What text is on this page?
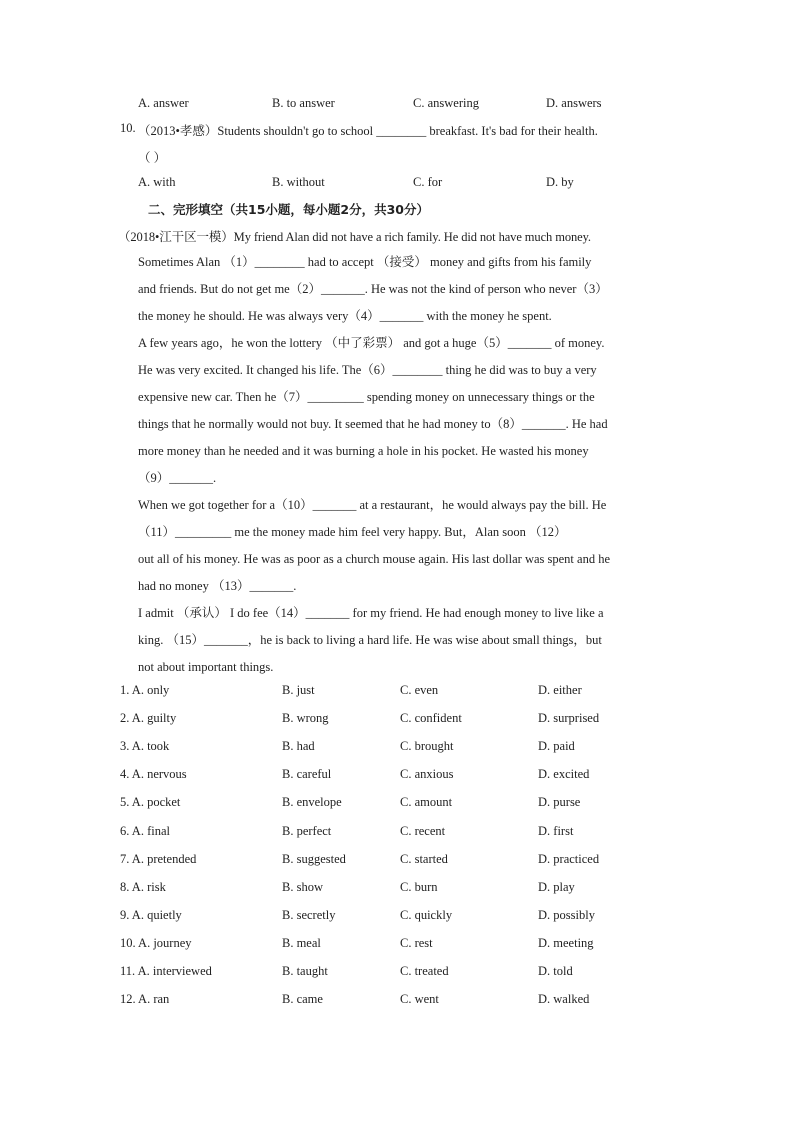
A. answer	B. to answer	C. answering	D. answers
10. （2013•孝感）Students shouldn't go to school ________ breakfast. It's bad for their health.
（ ）
A. with	B. without	C. for	D. by
二、完形填空（共15小题，每小题2分，共30分）
（2018•江干区一模）My friend Alan did not have a rich family. He did not have much money.
Sometimes Alan （1）________ had to accept （接受） money and gifts from his family
and friends. But do not get me（2）_______. He was not the kind of person who never（3）
the money he should. He was always very（4）_______ with the money he spent.
A few years ago，he won the lottery （中了彩票） and got a huge（5）_______ of money.
He was very excited. It changed his life. The（6）________ thing he did was to buy a very
expensive new car. Then he（7）_________ spending money on unnecessary things or the
things that he normally would not buy. It seemed that he had money to（8）_______. He had
more money than he needed and it was burning a hole in his pocket. He wasted his money
（9）_______.
When we got together for a（10）_______ at a restaurant，he would always pay the bill. He
（11）_________ me the money made him feel very happy. But，Alan soon （12）
out all of his money. He was as poor as a church mouse again. His last dollar was spent and he
had no money （13）_______.
I admit （承认） I do fee（14）_______ for my friend. He had enough money to live like a
king. （15）_______，he is back to living a hard life. He was wise about small things，but
not about important things.
1. A. only	B. just	C. even	D. either
2. A. guilty	B. wrong	C. confident	D. surprised
3. A. took	B. had	C. brought	D. paid
4. A. nervous	B. careful	C. anxious	D. excited
5. A. pocket	B. envelope	C. amount	D. purse
6. A. final	B. perfect	C. recent	D. first
7. A. pretended	B. suggested	C. started	D. practiced
8. A. risk	B. show	C. burn	D. play
9. A. quietly	B. secretly	C. quickly	D. possibly
10. A. journey	B. meal	C. rest	D. meeting
11. A. interviewed	B. taught	C. treated	D. told
12. A. ran	B. came	C. went	D. walked
